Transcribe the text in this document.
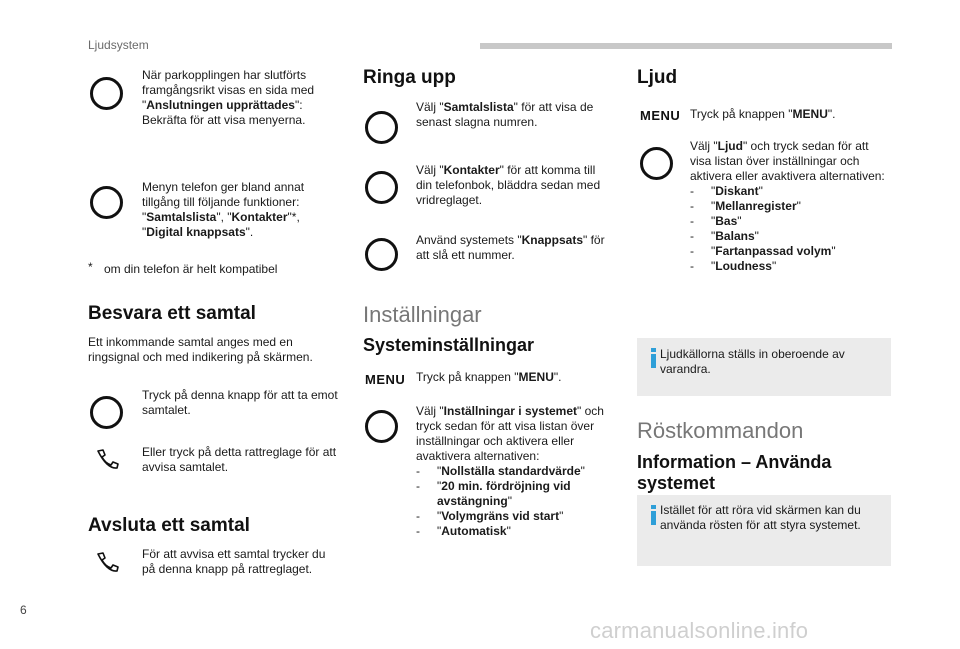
Ljudsystem
När parkopplingen har slutförts framgångsrikt visas en sida med "Anslutningen upprättades": Bekräfta för att visa menyerna.
Menyn telefon ger bland annat tillgång till följande funktioner: "Samtalslista", "Kontakter"*, "Digital knappsats".
* om din telefon är helt kompatibel
Besvara ett samtal
Ett inkommande samtal anges med en ringsignal och med indikering på skärmen.
Tryck på denna knapp för att ta emot samtalet.
Eller tryck på detta rattreglage för att avvisa samtalet.
Avsluta ett samtal
För att avvisa ett samtal trycker du på denna knapp på rattreglaget.
Ringa upp
Välj "Samtalslista" för att visa de senast slagna numren.
Välj "Kontakter" för att komma till din telefonbok, bläddra sedan med vridreglaget.
Använd systemets "Knappsats" för att slå ett nummer.
Inställningar
Systeminställningar
MENU Tryck på knappen "MENU".
Välj "Inställningar i systemet" och tryck sedan för att visa listan över inställningar och aktivera eller avaktivera alternativen:
- "Nollställa standardvärde"
- "20 min. fördröjning vid avstängning"
- "Volymgräns vid start"
- "Automatisk"
Ljud
MENU Tryck på knappen "MENU".
Välj "Ljud" och tryck sedan för att visa listan över inställningar och aktivera eller avaktivera alternativen:
- "Diskant"
- "Mellanregister"
- "Bas"
- "Balans"
- "Fartanpassad volym"
- "Loudness"
Ljudkällorna ställs in oberoende av varandra.
Röstkommandon
Information – Använda systemet
Istället för att röra vid skärmen kan du använda rösten för att styra systemet.
6
carmanualsonline.info
